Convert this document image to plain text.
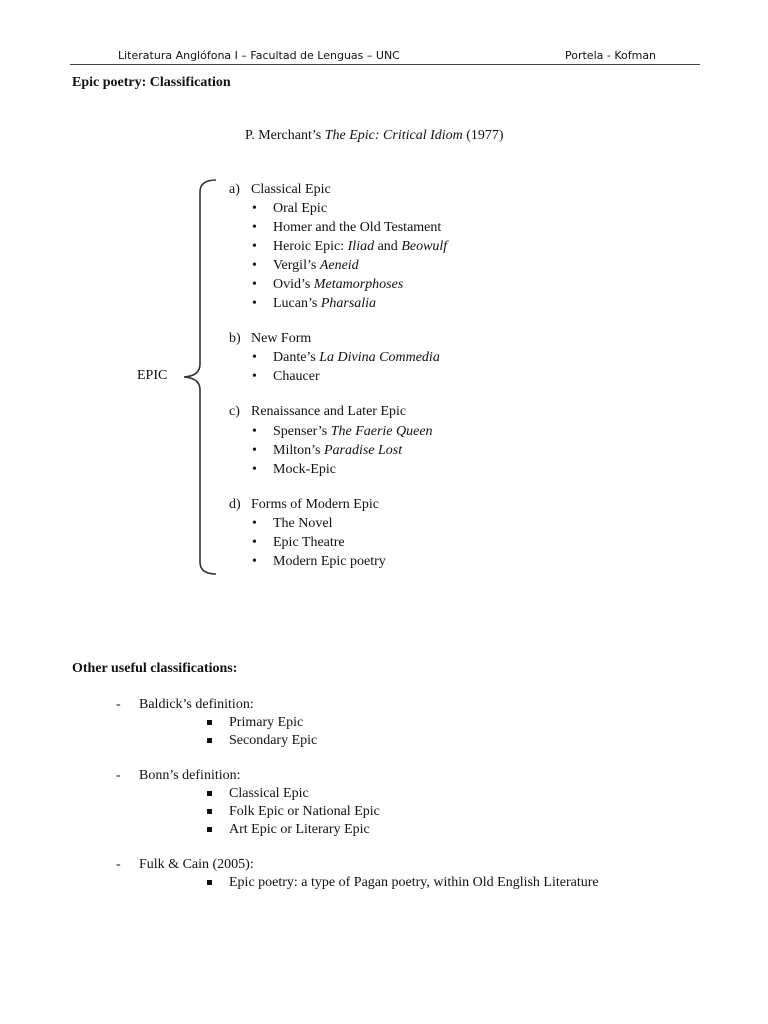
Literatura Anglófona I – Facultad de Lenguas – UNC	Portela - Kofman
Epic poetry: Classification
P. Merchant’s The Epic: Critical Idiom (1977)
EPIC
a) Classical Epic
• Oral Epic
• Homer and the Old Testament
• Heroic Epic: Iliad and Beowulf
• Vergil’s Aeneid
• Ovid’s Metamorphoses
• Lucan’s Pharsalia
b) New Form
• Dante’s La Divina Commedia
• Chaucer
c) Renaissance and Later Epic
• Spenser’s The Faerie Queen
• Milton’s Paradise Lost
• Mock-Epic
d) Forms of Modern Epic
• The Novel
• Epic Theatre
• Modern Epic poetry
Other useful classifications:
- Baldick’s definition:
Primary Epic
Secondary Epic
- Bonn’s definition:
Classical Epic
Folk Epic or National Epic
Art Epic or Literary Epic
- Fulk & Cain (2005):
Epic poetry: a type of Pagan poetry, within Old English Literature
